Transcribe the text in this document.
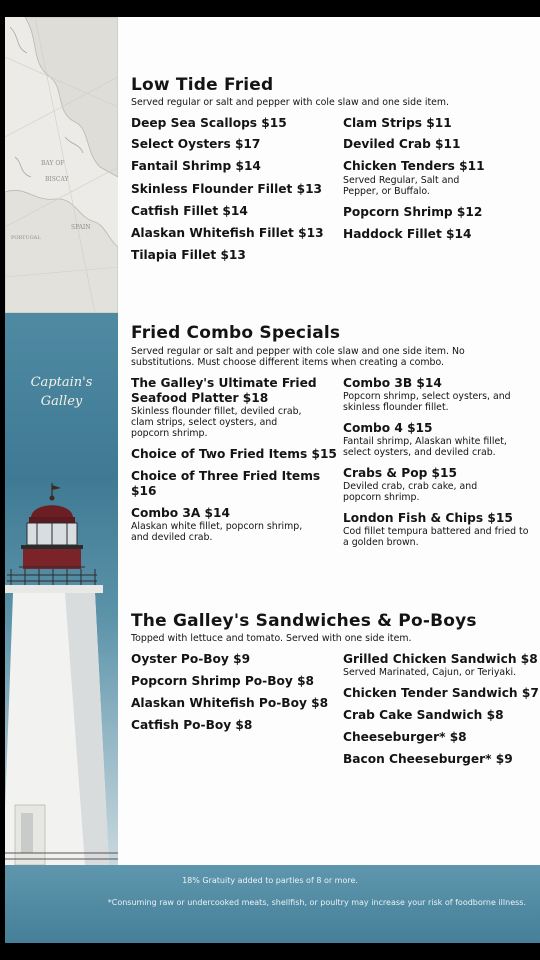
BAY OF
BISCAY
SPAIN
PORTUGAL
Captain's
Galley
Low Tide Fried

Served regular or salt and pepper with cole slaw and one side item.

Deep Sea Scallops $15
Select Oysters $17
Fantail Shrimp $14
Skinless Flounder Fillet $13
Catfish Fillet $14
Alaskan Whitefish Fillet $13
Tilapia Fillet $13
Clam Strips $11
Deviled Crab $11
Chicken Tenders $11
Served Regular, Salt and Pepper, or Buffalo.
Popcorn Shrimp $12
Haddock Fillet $14
Fried Combo Specials

Served regular or salt and pepper with cole slaw and one side item. No substitutions. Must choose different items when creating a combo.

The Galley's Ultimate Fried Seafood Platter $18
Skinless flounder fillet, deviled crab, clam strips, select oysters, and popcorn shrimp.
Choice of Two Fried Items $15
Choice of Three Fried Items $16
Combo 3A $14
Alaskan white fillet, popcorn shrimp, and deviled crab.
Combo 3B $14
Popcorn shrimp, select oysters, and skinless flounder fillet.
Combo 4 $15
Fantail shrimp, Alaskan white fillet, select oysters, and deviled crab.
Crabs & Pop $15
Deviled crab, crab cake, and popcorn shrimp.
London Fish & Chips $15
Cod fillet tempura battered and fried to a golden brown.
The Galley's Sandwiches & Po-Boys

Topped with lettuce and tomato. Served with one side item.

Oyster Po-Boy $9
Popcorn Shrimp Po-Boy $8
Alaskan Whitefish Po-Boy $8
Catfish Po-Boy $8
Grilled Chicken Sandwich $8
Served Marinated, Cajun, or Teriyaki.
Chicken Tender Sandwich $7
Crab Cake Sandwich $8
Cheeseburger* $8
Bacon Cheeseburger* $9
18% Gratuity added to parties of 8 or more.
*Consuming raw or undercooked meats, shellfish, or poultry may increase your risk of foodborne illness.
